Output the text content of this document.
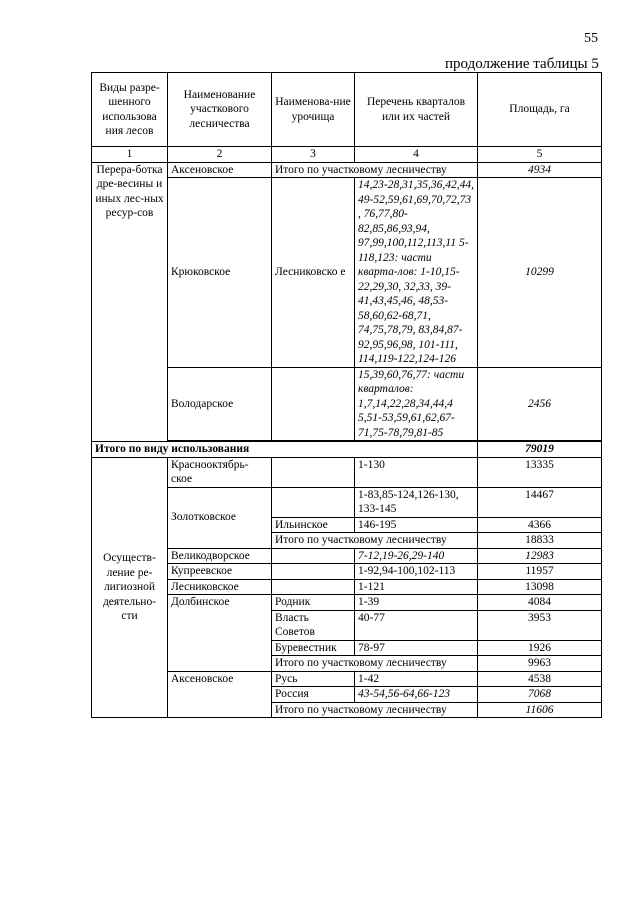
55
продолжение таблицы 5
Виды разре-шенного использова ния лесов	Наименование участкового лесничества	Наименова-ние урочища	Перечень кварталов или их частей	Площадь, га
1	2	3	4	5
Перера-ботка дре-весины и иных лес-ных ресур-сов	Аксеновское	Итого по участковому лесничеству		4934
	Крюковское	Лесниковско е	14,23-28,31,35,36,42,44, 49-52,59,61,69,70,72,73 , 76,77,80-82,85,86,93,94, 97,99,100,112,113,11 5-118,123: части кварта-лов: 1-10,15-22,29,30, 32,33, 39-41,43,45,46, 48,53-58,60,62-68,71, 74,75,78,79, 83,84,87-92,95,96,98, 101-111, 114,119-122,124-126	10299
	Володарское		15,39,60,76,77: части кварталов: 1,7,14,22,28,34,44,4 5,51-53,59,61,62,67-71,75-78,79,81-85	2456

Итого по виду использования				79019
Осуществ-ление ре-лигиозной деятельно-сти	Краснооктябрь-ское		1-130	13335
	Золотковское		1-83,85-124,126-130, 133-145	14467
		Ильинское	146-195	4366
		Итого по участковому лесничеству		18833
	Великодворское		7-12,19-26,29-140	12983
	Купреевское		1-92,94-100,102-113	11957
	Лесниковское		1-121	13098
	Долбинское	Родник	1-39	4084
		Власть Советов	40-77	3953
		Буревестник	78-97	1926
		Итого по участковому лесничеству		9963
	Аксеновское	Русь	1-42	4538
		Россия	43-54,56-64,66-123	7068
		Итого по участковому лесничеству		11606
